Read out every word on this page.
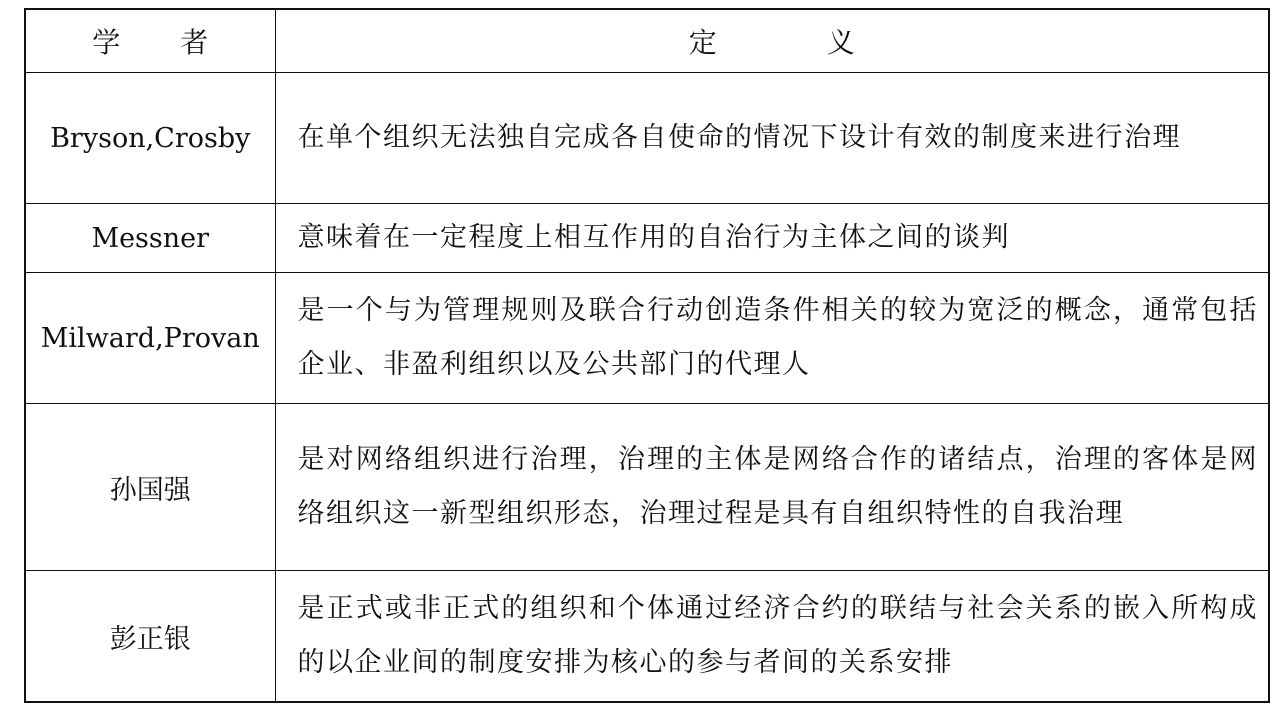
学者	定义
Bryson,Crosby	在单个组织无法独自完成各自使命的情况下设计有效的制度来进行治理
Messner	意味着在一定程度上相互作用的自治行为主体之间的谈判
Milward,Provan	是一个与为管理规则及联合行动创造条件相关的较为宽泛的概念，通常包括企业、非盈利组织以及公共部门的代理人
孙国强	是对网络组织进行治理，治理的主体是网络合作的诸结点，治理的客体是网络组织这一新型组织形态，治理过程是具有自组织特性的自我治理
彭正银	是正式或非正式的组织和个体通过经济合约的联结与社会关系的嵌入所构成的以企业间的制度安排为核心的参与者间的关系安排
